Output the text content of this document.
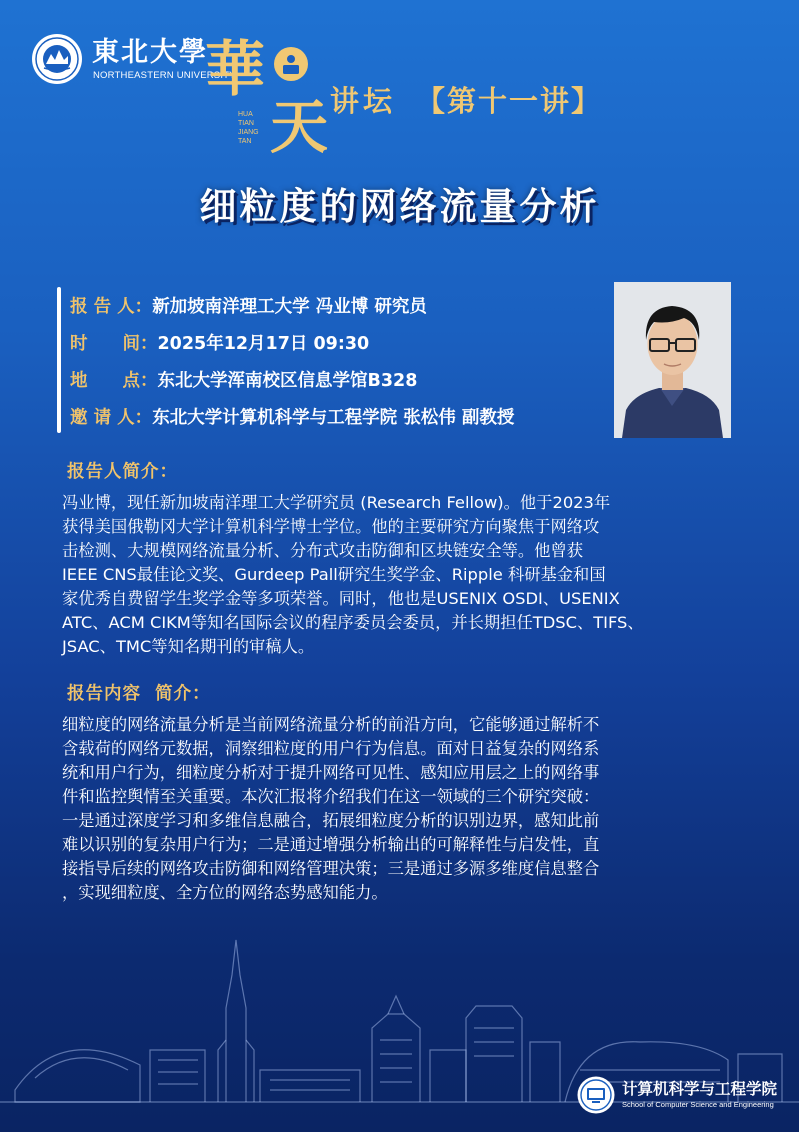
東北大學
NORTHEASTERN UNIVERSITY
華
HUA TIAN JIANG TAN 天 讲坛 【第十一讲】
细粒度的网络流量分析
报 告 人：新加坡南洋理工大学 冯业博 研究员
时　　间：2025年12月17日 09:30
地　　点：东北大学浑南校区信息学馆B328
邀 请 人：东北大学计算机科学与工程学院 张松伟 副教授
报告人简介：
冯业博，现任新加坡南洋理工大学研究员 (Research Fellow)。他于2023年
获得美国俄勒冈大学计算机科学博士学位。他的主要研究方向聚焦于网络攻
击检测、大规模网络流量分析、分布式攻击防御和区块链安全等。他曾获
IEEE CNS最佳论文奖、Gurdeep Pall研究生奖学金、Ripple 科研基金和国
家优秀自费留学生奖学金等多项荣誉。同时，他也是USENIX OSDI、USENIX
ATC、ACM CIKM等知名国际会议的程序委员会委员，并长期担任TDSC、TIFS、
JSAC、TMC等知名期刊的审稿人。
报告内容  简介：
细粒度的网络流量分析是当前网络流量分析的前沿方向，它能够通过解析不
含载荷的网络元数据，洞察细粒度的用户行为信息。面对日益复杂的网络系
统和用户行为，细粒度分析对于提升网络可见性、感知应用层之上的网络事
件和监控舆情至关重要。本次汇报将介绍我们在这一领域的三个研究突破：
一是通过深度学习和多维信息融合，拓展细粒度分析的识别边界，感知此前
难以识别的复杂用户行为；二是通过增强分析输出的可解释性与启发性，直
接指导后续的网络攻击防御和网络管理决策；三是通过多源多维度信息整合
，实现细粒度、全方位的网络态势感知能力。
计算机科学与工程学院
School of Computer Science and Engineering
